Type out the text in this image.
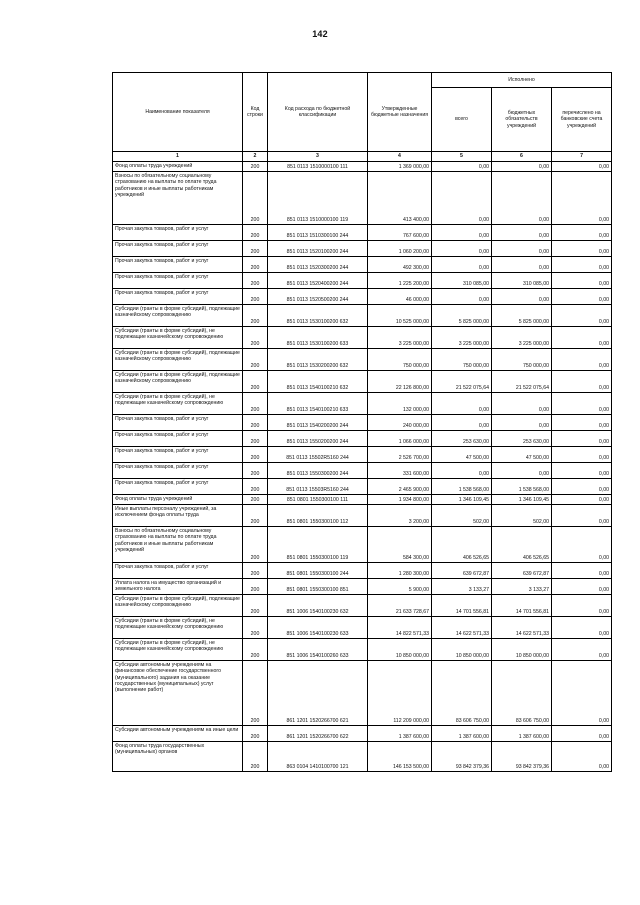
142
Наименование показателя	Код строки	Код расхода по бюджетной классификации	Утвержденные бюджетные назначения	Исполнено		
				всего	бюджетных обязательств учреждений	перечислено на банковские счета учреждений
1	2	3	4	5	6	7
Фонд оплаты труда учреждений	200	851 0113 1510000100 111	1 369 000,00	0,00	0,00	0,00
Взносы по обязательному социальному страхованию на выплаты по оплате труда работников и иные выплаты работникам учреждений	200	851 0113 1510000100 119	413 400,00	0,00	0,00	0,00
Прочая закупка товаров, работ и услуг	200	851 0113 1510300100 244	767 600,00	0,00	0,00	0,00
Прочая закупка товаров, работ и услуг	200	851 0113 1520100200 244	1 060 200,00	0,00	0,00	0,00
Прочая закупка товаров, работ и услуг	200	851 0113 1520300200 244	492 300,00	0,00	0,00	0,00
Прочая закупка товаров, работ и услуг	200	851 0113 1520400200 244	1 225 200,00	310 085,00	310 085,00	0,00
Прочая закупка товаров, работ и услуг	200	851 0113 1520500200 244	46 000,00	0,00	0,00	0,00
Субсидии (гранты в форме субсидий), подлежащие казначейскому сопровождению	200	851 0113 1530100200 632	10 525 000,00	5 825 000,00	5 825 000,00	0,00
Субсидии (гранты в форме субсидий), не подлежащие казначейскому сопровождению	200	851 0113 1530100200 633	3 225 000,00	3 225 000,00	3 225 000,00	0,00
Субсидии (гранты в форме субсидий), подлежащие казначейскому сопровождению	200	851 0113 1530200200 632	750 000,00	750 000,00	750 000,00	0,00
Субсидии (гранты в форме субсидий), подлежащие казначейскому сопровождению	200	851 0113 1540100210 632	22 126 800,00	21 522 075,64	21 522 075,64	0,00
Субсидии (гранты в форме субсидий), не подлежащие казначейскому сопровождению	200	851 0113 1540100210 633	132 000,00	0,00	0,00	0,00
Прочая закупка товаров, работ и услуг	200	851 0113 1540200200 244	240 000,00	0,00	0,00	0,00
Прочая закупка товаров, работ и услуг	200	851 0113 1550200200 244	1 066 000,00	253 630,00	253 630,00	0,00
Прочая закупка товаров, работ и услуг	200	851 0113 15502R5160 244	2 526 700,00	47 500,00	47 500,00	0,00
Прочая закупка товаров, работ и услуг	200	851 0113 1550300200 244	331 600,00	0,00	0,00	0,00
Прочая закупка товаров, работ и услуг	200	851 0113 15503R5160 244	2 465 900,00	1 538 568,00	1 538 568,00	0,00
Фонд оплаты труда учреждений	200	851 0801 1550300100 111	1 934 800,00	1 346 109,45	1 346 109,45	0,00
Иные выплаты персоналу учреждений, за исключением фонда оплаты труда	200	851 0801 1550300100 112	3 200,00	502,00	502,00	0,00
Взносы по обязательному социальному страхованию на выплаты по оплате труда работников и иные выплаты работникам учреждений	200	851 0801 1550300100 119	584 300,00	406 526,65	406 526,65	0,00
Прочая закупка товаров, работ и услуг	200	851 0801 1550300100 244	1 280 300,00	639 672,87	639 672,87	0,00
Уплата налога на имущество организаций и земельного налога	200	851 0801 1550300100 851	5 900,00	3 133,27	3 133,27	0,00
Субсидии (гранты в форме субсидий), подлежащие казначейскому сопровождению	200	851 1006 1540100230 632	21 633 728,67	14 701 556,81	14 701 556,81	0,00
Субсидии (гранты в форме субсидий), не подлежащие казначейскому сопровождению	200	851 1006 1540100230 633	14 822 571,33	14 622 571,33	14 622 571,33	0,00
Субсидии (гранты в форме субсидий), не подлежащие казначейскому сопровождению	200	851 1006 1540100260 633	10 850 000,00	10 850 000,00	10 850 000,00	0,00
Субсидии автономным учреждениям на финансовое обеспечение государственного (муниципального) задания на оказание государственных (муниципальных) услуг (выполнение работ)	200	861 1201 1520266700 621	112 209 000,00	83 606 750,00	83 606 750,00	0,00
Субсидии автономным учреждениям на иные цели	200	861 1201 1520266700 622	1 387 600,00	1 387 600,00	1 387 600,00	0,00
Фонд оплаты труда государственных (муниципальных) органов	200	863 0104 1410100700 121	146 153 500,00	93 842 379,36	93 842 379,36	0,00
